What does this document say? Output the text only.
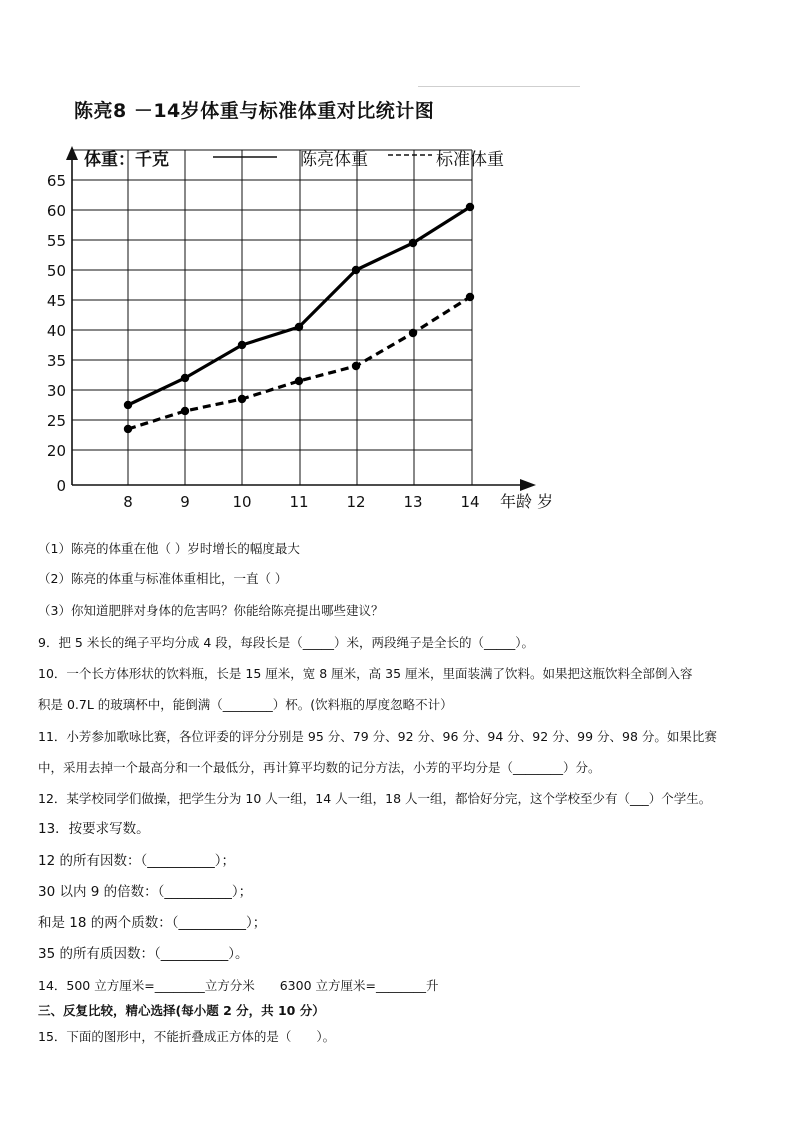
陈亮8 －14岁体重与标准体重对比统计图
0
20
25
30
35
40
45
50
55
60
65
8	9	10	11	12	13	14 年龄 岁
体重：千克	陈亮体重	标准体重
（1）陈亮的体重在他（ ）岁时增长的幅度最大
（2）陈亮的体重与标准体重相比，一直（ ）
（3）你知道肥胖对身体的危害吗？你能给陈亮提出哪些建议？
9．把 5 米长的绳子平均分成 4 段，每段长是（_____）米，两段绳子是全长的（_____）。
10．一个长方体形状的饮料瓶，长是 15 厘米，宽 8 厘米，高 35 厘米，里面装满了饮料。如果把这瓶饮料全部倒入容
积是 0.7L 的玻璃杯中，能倒满（________）杯。(饮料瓶的厚度忽略不计）
11．小芳参加歌咏比赛，各位评委的评分分别是 95 分、79 分、92 分、96 分、94 分、92 分、99 分、98 分。如果比赛
中，采用去掉一个最高分和一个最低分，再计算平均数的记分方法，小芳的平均分是（________）分。
12．某学校同学们做操，把学生分为 10 人一组，14 人一组，18 人一组，都恰好分完，这个学校至少有（___）个学生。
13．按要求写数。
12 的所有因数：（__________）；
30 以内 9 的倍数：（__________）；
和是 18 的两个质数：（__________）；
35 的所有质因数：（__________）。
14．500 立方厘米=________立方分米　　6300 立方厘米=________升
三、反复比较，精心选择(每小题 2 分，共 10 分）
15．下面的图形中，不能折叠成正方体的是（　　）。
